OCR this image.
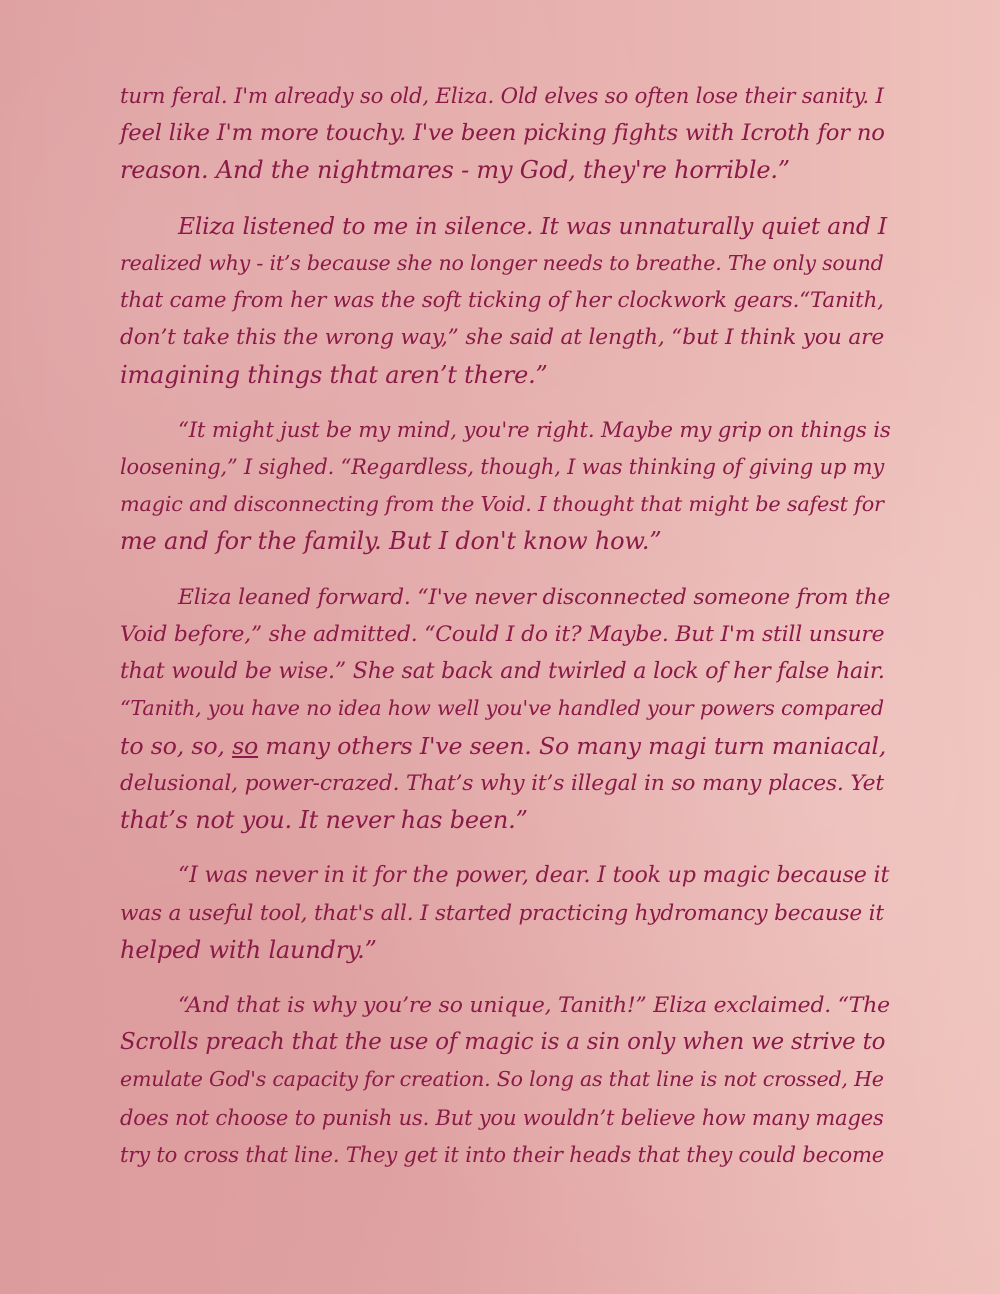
turn feral. I'm already so old, Eliza. Old elves so often lose their sanity. I
feel like I'm more touchy. I've been picking fights with Icroth for no
reason. And the nightmares - my God, they're horrible.”
Eliza listened to me in silence. It was unnaturally quiet and I
realized why - it’s because she no longer needs to breathe. The only sound
that came from her was the soft ticking of her clockwork gears.“Tanith,
don’t take this the wrong way,” she said at length, “but I think you are
imagining things that aren’t there.”
“It might just be my mind, you're right. Maybe my grip on things is
loosening,” I sighed. “Regardless, though, I was thinking of giving up my
magic and disconnecting from the Void. I thought that might be safest for
me and for the family. But I don't know how.”
Eliza leaned forward. “I've never disconnected someone from the
Void before,” she admitted. “Could I do it? Maybe. But I'm still unsure
that would be wise.” She sat back and twirled a lock of her false hair.
“Tanith, you have no idea how well you've handled your powers compared
to so, so, so many others I've seen. So many magi turn maniacal,
delusional, power-crazed. That’s why it’s illegal in so many places. Yet
that’s not you. It never has been.”
“I was never in it for the power, dear. I took up magic because it
was a useful tool, that's all. I started practicing hydromancy because it
helped with laundry.”
“And that is why you’re so unique, Tanith!” Eliza exclaimed. “The
Scrolls preach that the use of magic is a sin only when we strive to
emulate God's capacity for creation. So long as that line is not crossed, He
does not choose to punish us. But you wouldn’t believe how many mages
try to cross that line. They get it into their heads that they could become
